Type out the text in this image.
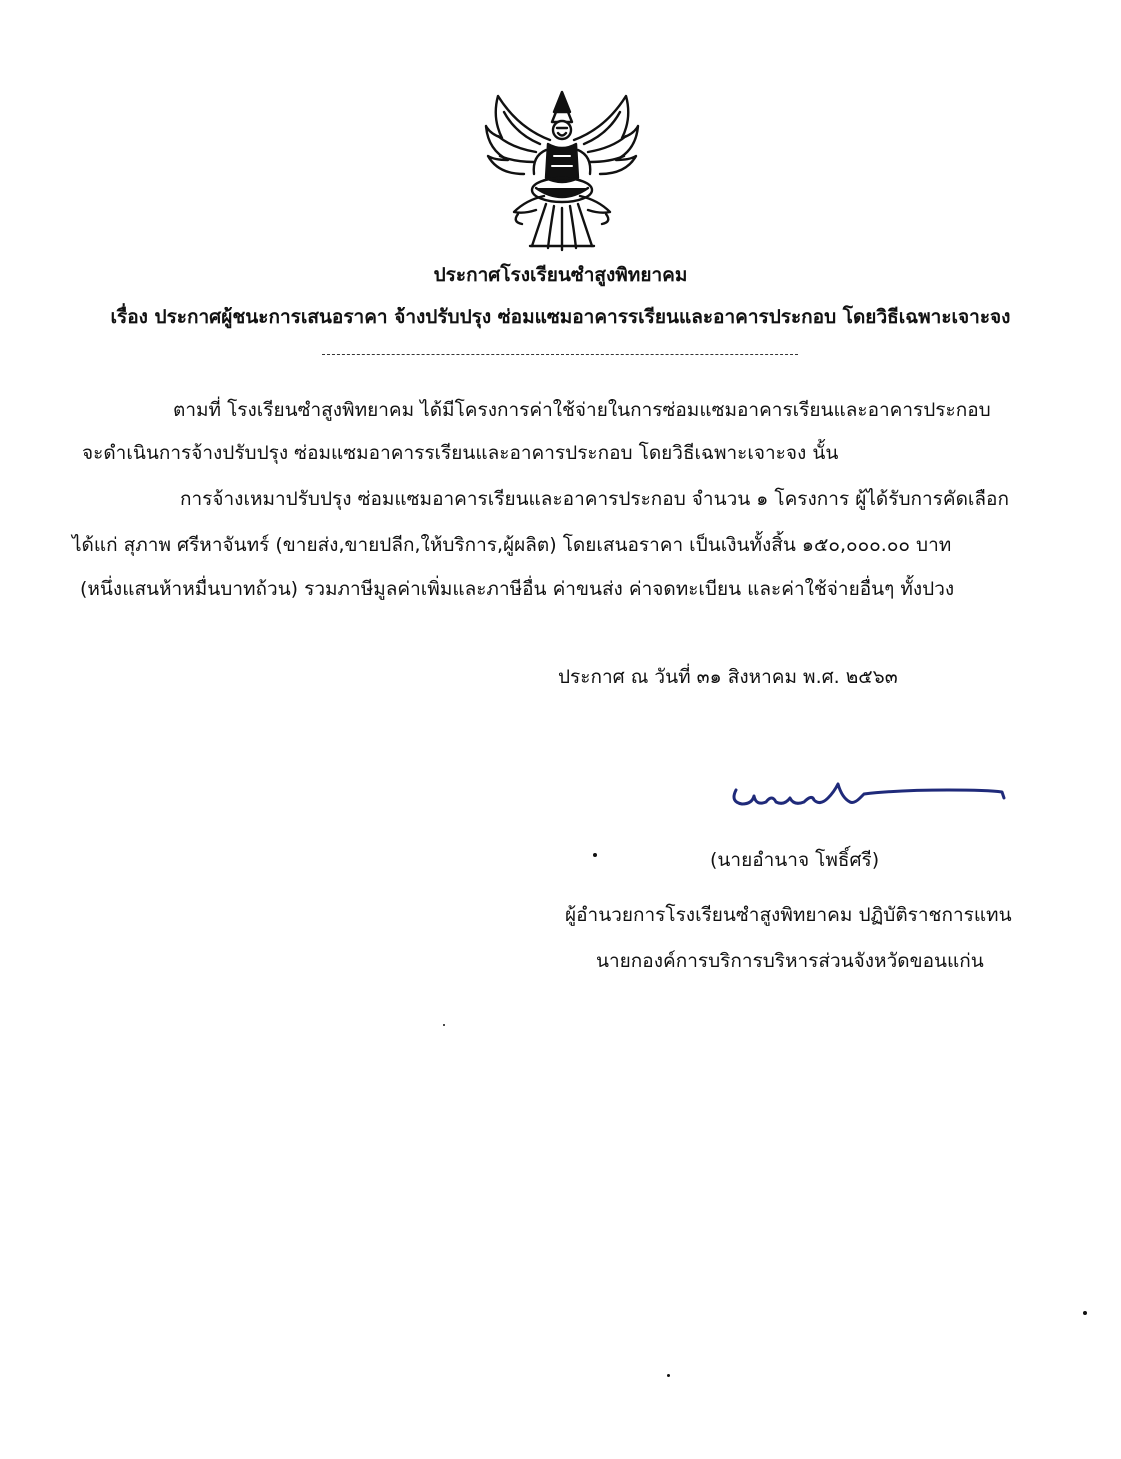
ประกาศโรงเรียนซำสูงพิทยาคม
เรื่อง ประกาศผู้ชนะการเสนอราคา จ้างปรับปรุง ซ่อมแซมอาคารรเรียนและอาคารประกอบ โดยวิธีเฉพาะเจาะจง
ตามที่ โรงเรียนซำสูงพิทยาคม ได้มีโครงการค่าใช้จ่ายในการซ่อมแซมอาคารเรียนและอาคารประกอบ
จะดำเนินการจ้างปรับปรุง ซ่อมแซมอาคารรเรียนและอาคารประกอบ โดยวิธีเฉพาะเจาะจง นั้น
การจ้างเหมาปรับปรุง ซ่อมแซมอาคารเรียนและอาคารประกอบ จำนวน ๑ โครงการ ผู้ได้รับการคัดเลือก
ได้แก่ สุภาพ ศรีหาจันทร์ (ขายส่ง,ขายปลีก,ให้บริการ,ผู้ผลิต) โดยเสนอราคา เป็นเงินทั้งสิ้น ๑๕๐,๐๐๐.๐๐ บาท
(หนึ่งแสนห้าหมื่นบาทถ้วน) รวมภาษีมูลค่าเพิ่มและภาษีอื่น ค่าขนส่ง ค่าจดทะเบียน และค่าใช้จ่ายอื่นๆ ทั้งปวง
ประกาศ ณ วันที่ ๓๑ สิงหาคม พ.ศ. ๒๕๖๓
(นายอำนาจ โพธิ์ศรี)
ผู้อำนวยการโรงเรียนซำสูงพิทยาคม ปฏิบัติราชการแทน
นายกองค์การบริการบริหารส่วนจังหวัดขอนแก่น
